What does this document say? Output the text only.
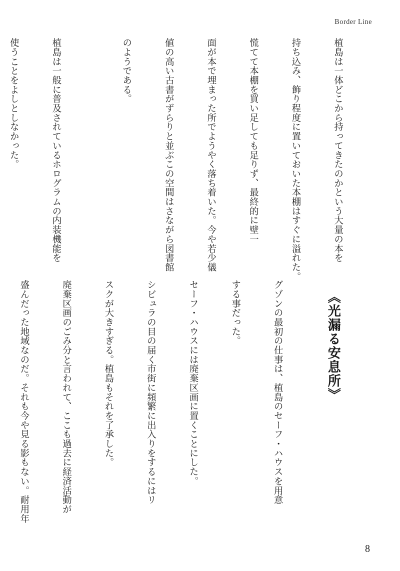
Border Line

植島は一体どこから持ってきたのかという大量の本を

持ち込み、飾り程度に置いておいた本棚はすぐに溢れた。

慌てて本棚を買い足しても足りず、最終的に壁一

面が本で埋まった所でようやく落ち着いた。今や若少儀

値の高い古書がずらりと並ぶこの空間はさながら図書館

のようである。

植島は一般に普及されているホログラムの内装機能を

使うことをよしとしなかった。

《光漏る安息所》

グゾンの最初の仕事は、植島のセーフ・ハウスを用意

する事だった。

セーフ・ハウスには廃棄区画に置くことにした。

シビュラの目の届く市街に頻繁に出入りをするにはリ

スクが大きすぎる。植島もそれを了承した。

廃棄区画のごみ分と言われて、ここも過去に経済活動が

盛んだった地域なのだ。それも今や見る影もない。耐用年

8
